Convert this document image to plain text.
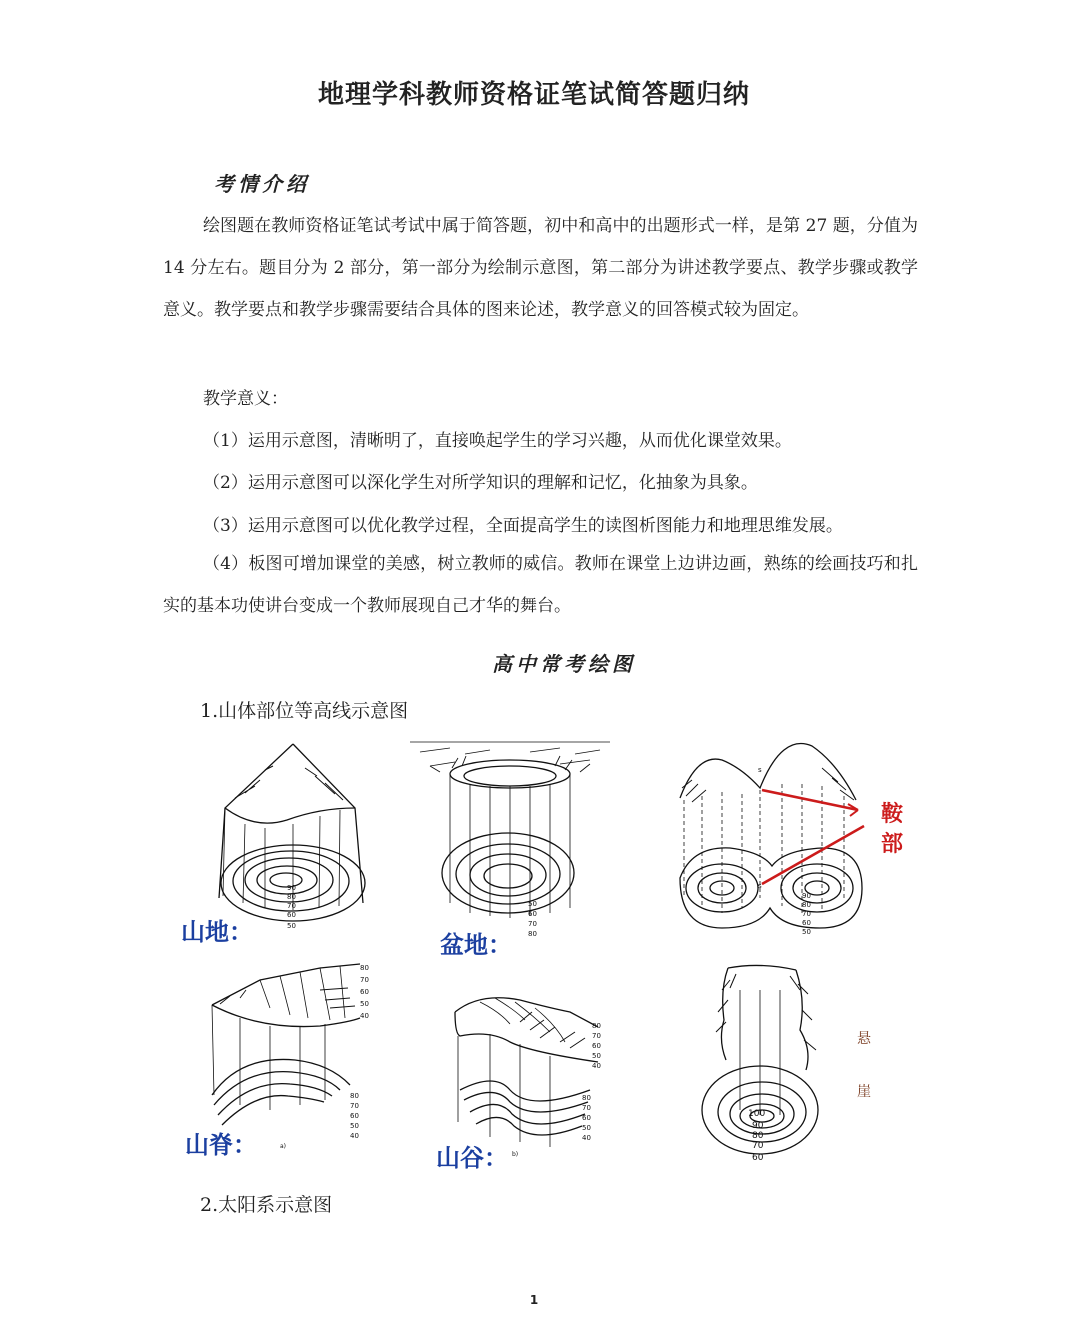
地理学科教师资格证笔试简答题归纳
考情介绍
绘图题在教师资格证笔试考试中属于简答题，初中和高中的出题形式一样，是第 27 题，分值为 14 分左右。题目分为 2 部分，第一部分为绘制示意图，第二部分为讲述教学要点、教学步骤或教学意义。教学要点和教学步骤需要结合具体的图来论述，教学意义的回答模式较为固定。
教学意义：
（1）运用示意图，清晰明了，直接唤起学生的学习兴趣，从而优化课堂效果。
（2）运用示意图可以深化学生对所学知识的理解和记忆，化抽象为具象。
（3）运用示意图可以优化教学过程，全面提高学生的读图析图能力和地理思维发展。
（4）板图可增加课堂的美感，树立教师的威信。教师在课堂上边讲边画，熟练的绘画技巧和扎实的基本功使讲台变成一个教师展现自己才华的舞台。
高中常考绘图
1.山体部位等高线示意图
90
80
70
60
50
山地：
50
60
70
80
盆地：
s
s
90
80
70
60
50
鞍
部
80
70
60
50
40
80
70
60
50
40
a)
山脊：
80
70
60
50
40
80
70
60
50
40
b)
山谷：
100
90
80
70
60
悬
崖
2.太阳系示意图
1
